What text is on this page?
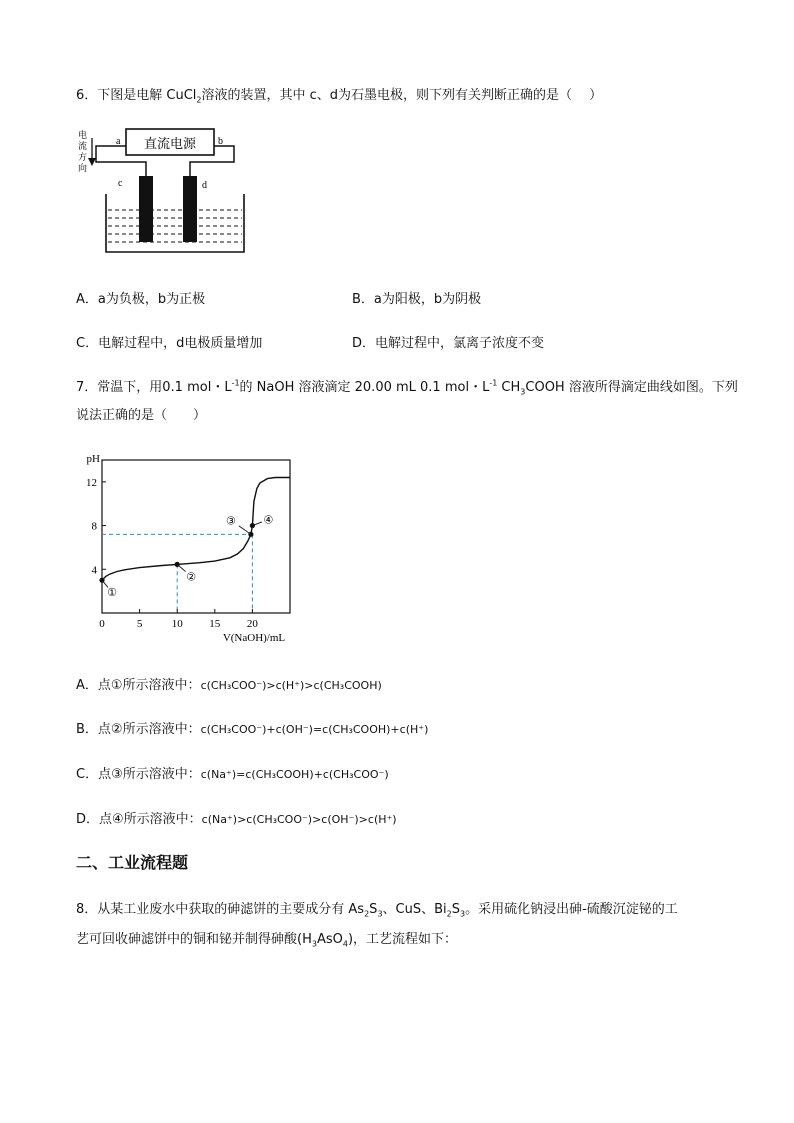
6．下图是电解 CuCl$_2$溶液的装置，其中 c、d为石墨电极，则下列有关判断正确的是（　 ）
直流电源
a	b
电
流
方
向
c	d
A．a为负极，b为正极	B．a为阳极，b为阴极
C．电解过程中，d电极质量增加	D．电解过程中，氯离子浓度不变
7．常温下，用0.1 mol・$L^{-1}$的 NaOH 溶液滴定 20.00 mL 0.1 mol・$L^{-1}$ $CH_3COOH$ 溶液所得滴定曲线如图。下列
说法正确的是（　　）
0	5	10 15 20
4
8
12
pH
V(NaOH)/mL
①
②
③	④
A．点①所示溶液中：c(CH₃COO⁻)>c(H⁺)>c(CH₃COOH)
B．点②所示溶液中：c(CH₃COO⁻)+c(OH⁻)=c(CH₃COOH)+c(H⁺)
C．点③所示溶液中：c(Na⁺)=c(CH₃COOH)+c(CH₃COO⁻)
D．点④所示溶液中：c(Na⁺)>c(CH₃COO⁻)>c(OH⁻)>c(H⁺)
二、工业流程题
8．从某工业废水中获取的砷滤饼的主要成分有 $As_2S_3$、CuS、$Bi_2S_3$。采用硫化钠浸出砷-硫酸沉淀铋的工
艺可回收砷滤饼中的铜和铋并制得砷酸$(H_3AsO_4)$，工艺流程如下：
